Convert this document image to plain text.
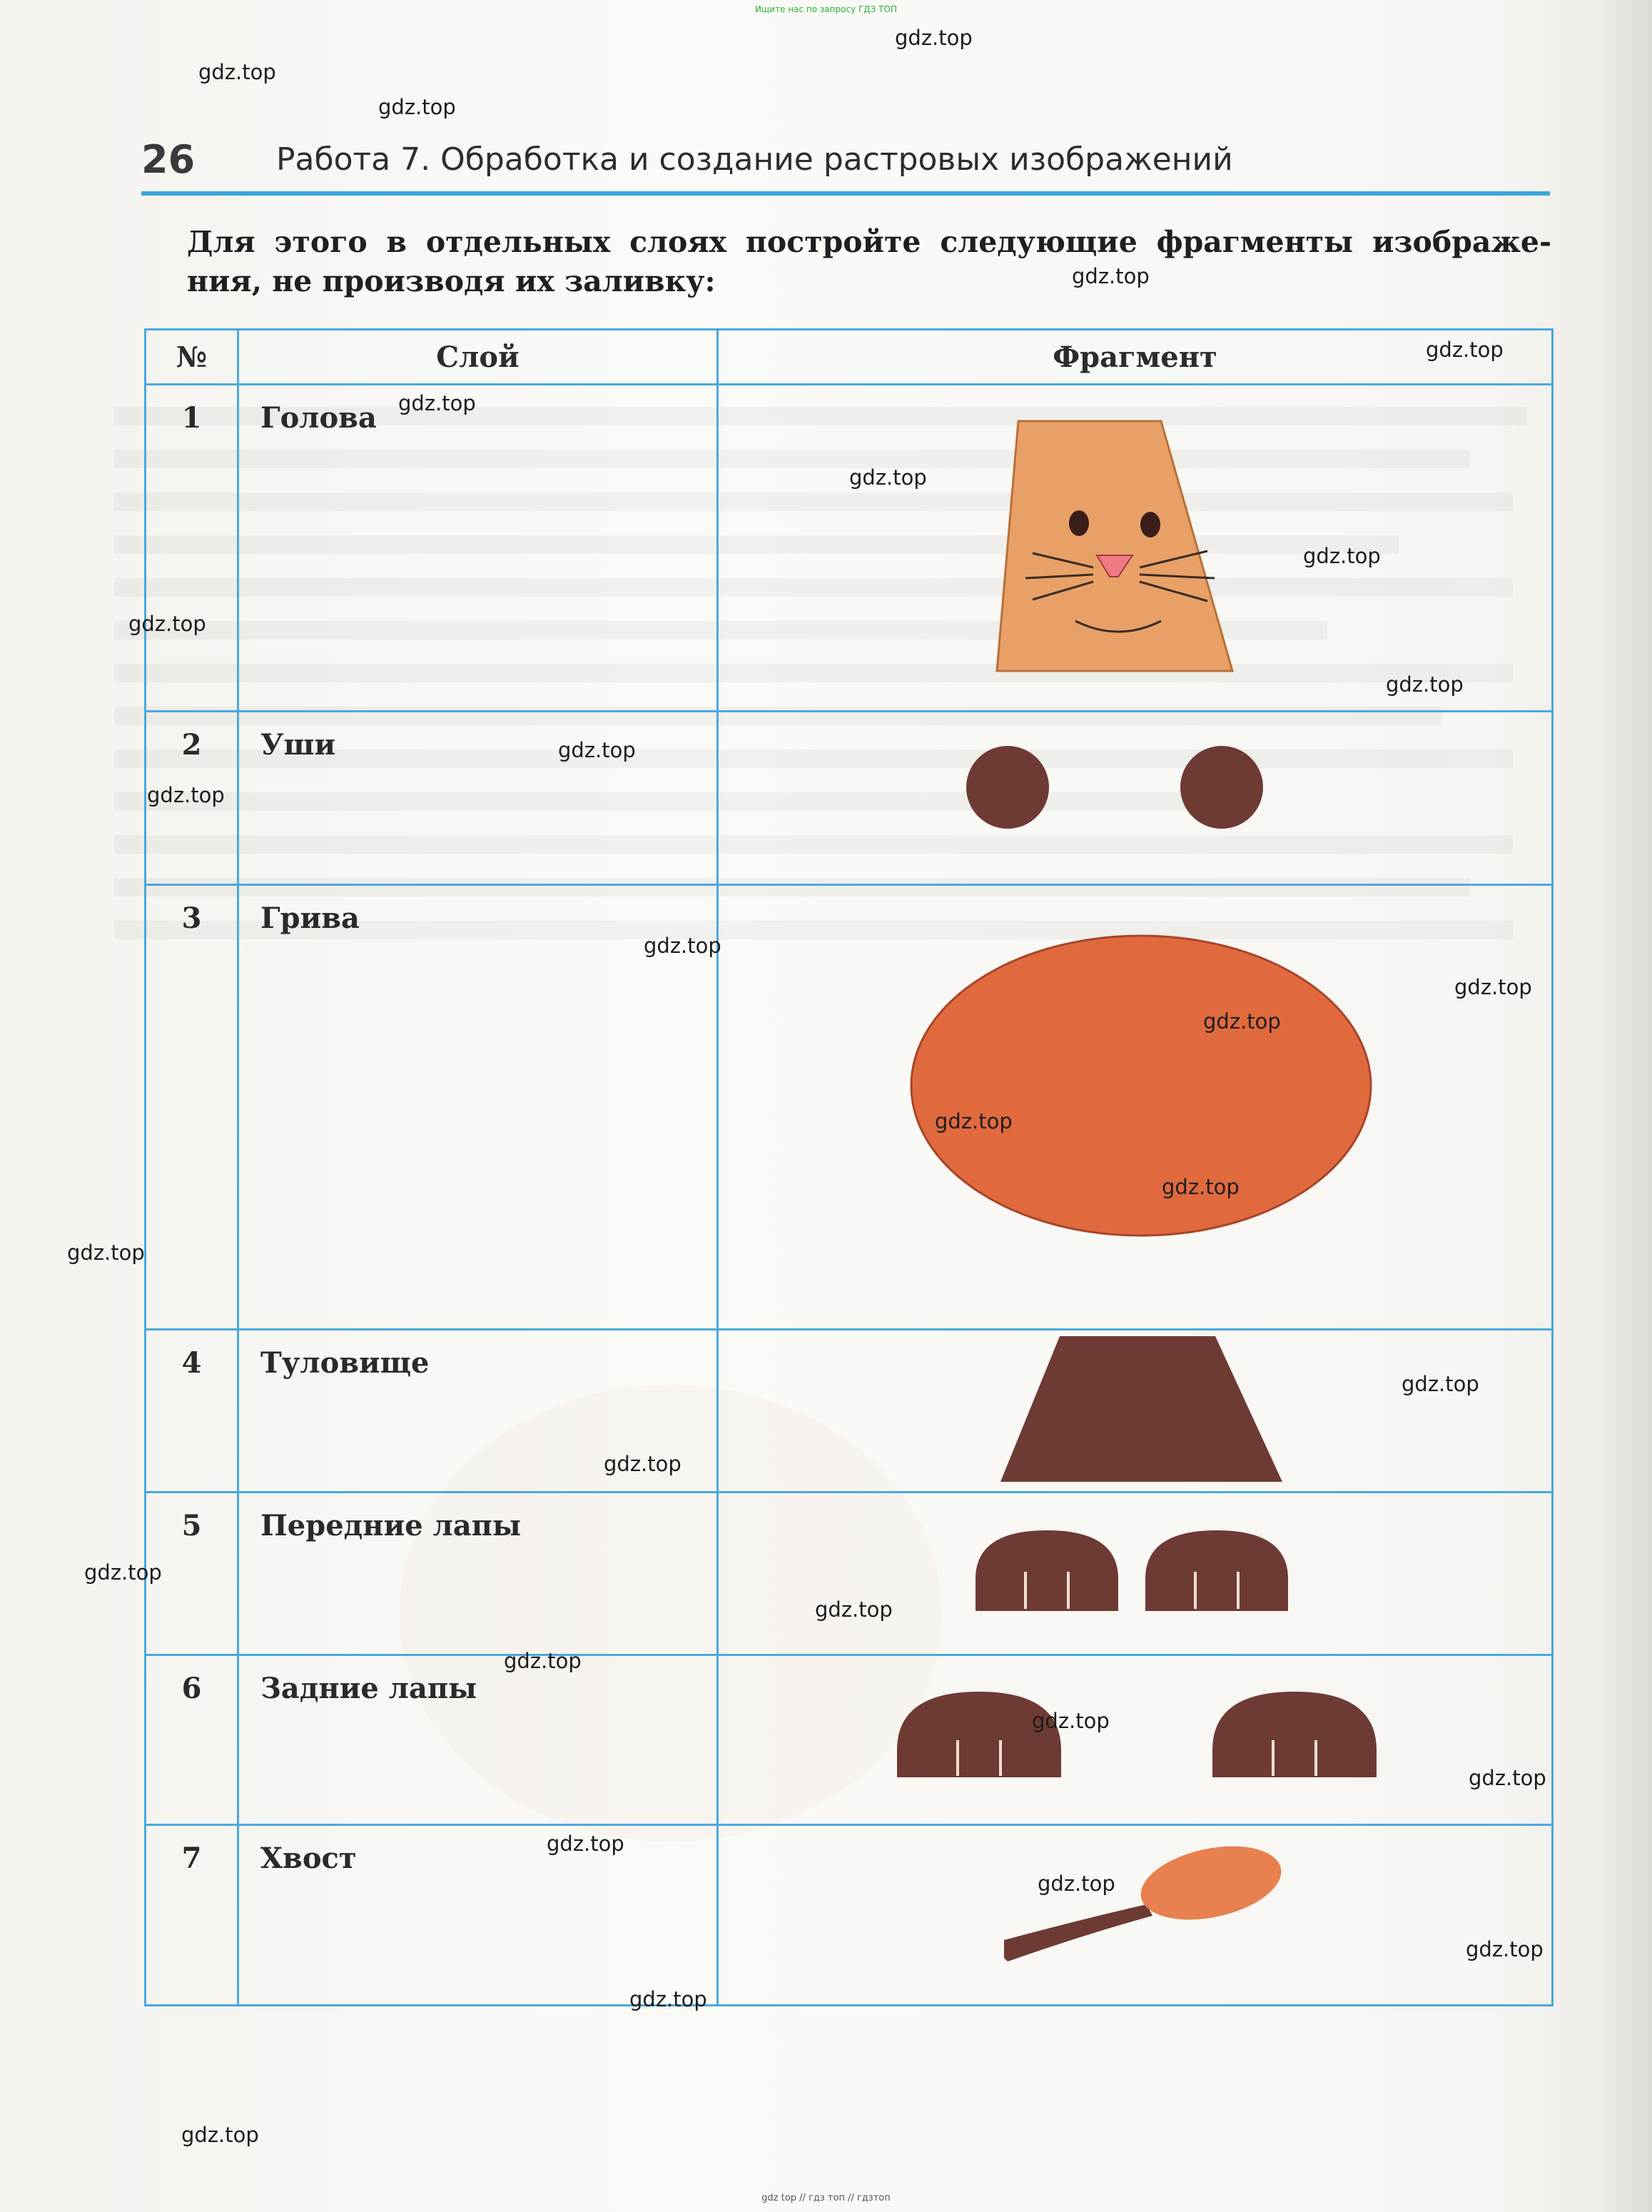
Ищите нас по запросу ГДЗ ТОП
26	Работа 7. Обработка и создание растровых изображений
Для этого в отдельных слоях постройте следующие фрагменты изображе-
ния, не производя их заливку:
№	Слой	Фрагмент
1	Голова	

2	Уши	

3	Грива	

4	Туловище	

5	Передние лапы	

6	Задние лапы	

7	Хвост	
gdz.top
gdz.top
gdz.top
gdz.top
gdz.top
gdz.top
gdz.top
gdz.top
gdz.top
gdz.top
gdz.top
gdz.top
gdz.top
gdz.top
gdz.top
gdz.top
gdz.top
gdz.top
gdz.top
gdz.top
gdz.top
gdz.top
gdz.top
gdz.top
gdz.top
gdz.top
gdz.top
gdz.top
gdz.top
gdz.top
gdz top // гдз топ // гдзтоп
